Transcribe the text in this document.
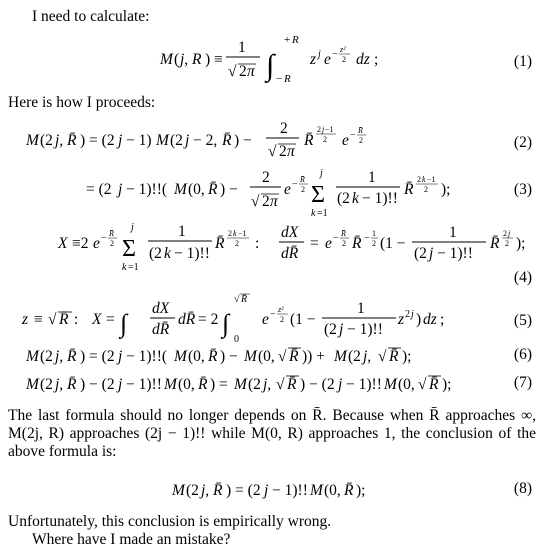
I need to calculate:
M ( j, R ) ≡
1
√ 2 π ∫
+ R
− R
z j e − z²
2 dz ;	(1)
Here is how I proceeds:
M (2 j, R̄ ) = (2 j − 1) M (2 j − 2, R̄ ) −
2
√ 2 π
R̄
2 j −1
2 e − R̄
2	(2)
= (2 j − 1)!!( M (0, R̄ ) −
2
√ 2 π
e − R̄
2
j
Σ
k =1
1
(2 k − 1)!!
R̄
2 k −1
2 );	(3)
X ≡2 e − R̄
2
j
Σ
k =1
1
(2 k − 1)!!
R̄
2 k −1
2 :
dX
dR̄
= e − R̄
2 R̄ − 1
2 (1 −
1
(2 j − 1)!!
R̄
2 j
2 );
(4)
z ≡ √ R̄ : X = ∫
dX
dR̄
dR̄ = 2 ∫
√ R̄
0
e − z²
2 (1 −
1
(2 j − 1)!!
z 2 j ) dz ;	(5)
M (2 j, R̄ ) = (2 j − 1)!!( M (0, R̄ ) − M (0, √ R̄ )) + M (2 j, √ R̄ );	(6)
M (2 j, R̄ ) − (2 j − 1)!! M (0, R̄ ) = M (2 j, √ R̄ ) − (2 j − 1)!! M (0, √ R̄ );	(7)
The last formula should no longer depends on R̄. Because when R̄ approaches ∞, M(2j, R) approaches (2j − 1)!! while M(0, R) approaches 1, the conclusion of the above formula is:
M (2 j, R̄ ) = (2 j − 1)!! M (0, R̄ );	(8)
Unfortunately, this conclusion is empirically wrong.
Where have I made an mistake?
